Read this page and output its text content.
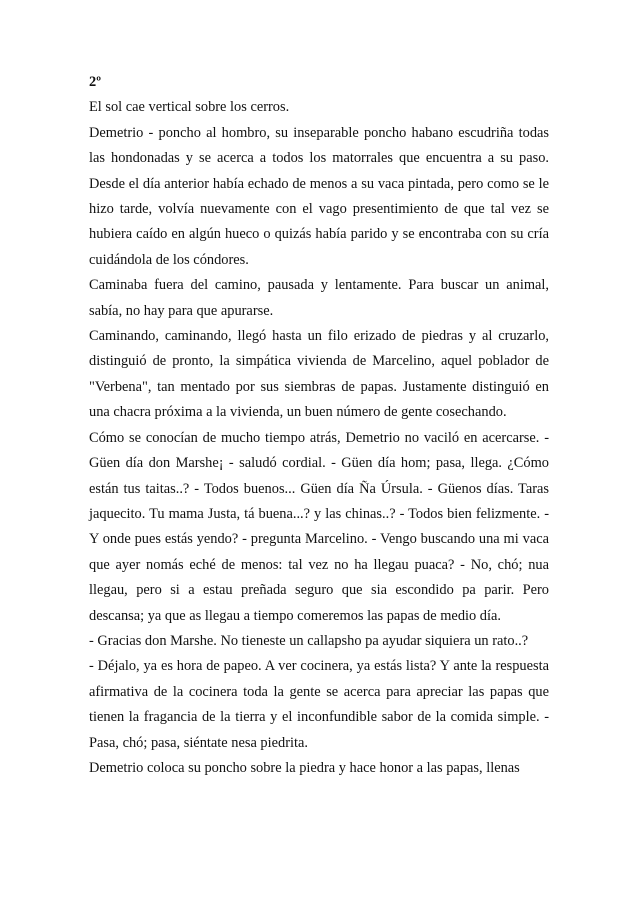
2º

El sol cae vertical sobre los cerros.

Demetrio - poncho al hombro, su inseparable poncho habano escudriña todas las hondonadas y se acerca a todos los matorrales que encuentra a su paso. Desde el día anterior había echado de menos a su vaca pintada, pero como se le hizo tarde, volvía nuevamente con el vago presentimiento de que tal vez se hubiera caído en algún hueco o quizás había parido y se encontraba con su cría cuidándola de los cóndores.

Caminaba fuera del camino, pausada y lentamente. Para buscar un animal, sabía, no hay para que apurarse.

Caminando, caminando, llegó hasta un filo erizado de piedras y al cruzarlo, distinguió de pronto, la simpática vivienda de Marcelino, aquel poblador de "Verbena", tan mentado por sus siembras de papas. Justamente distinguió en una chacra próxima a la vivienda, un buen número de gente cosechando.

Cómo se conocían de mucho tiempo atrás, Demetrio no vaciló en acercarse. - Güen día don Marshe¡ - saludó cordial. - Güen día hom; pasa, llega. ¿Cómo están tus taitas..? - Todos buenos... Güen día Ña Úrsula. - Güenos días. Taras jaquecito. Tu mama Justa, tá buena...? y las chinas..? - Todos bien felizmente. - Y onde pues estás yendo? - pregunta Marcelino. - Vengo buscando una mi vaca que ayer nomás eché de menos: tal vez no ha llegau puaca? - No, chó; nua llegau, pero si a estau preñada seguro que sia escondido pa parir. Pero descansa; ya que as llegau a tiempo comeremos las papas de medio día.

- Gracias don Marshe. No tieneste un callapsho pa ayudar siquiera un rato..?

- Déjalo, ya es hora de papeo. A ver cocinera, ya estás lista? Y ante la respuesta afirmativa de la cocinera toda la gente se acerca para apreciar las papas que tienen la fragancia de la tierra y el inconfundible sabor de la comida simple. - Pasa, chó; pasa, siéntate nesa piedrita.

Demetrio coloca su poncho sobre la piedra y hace honor a las papas, llenas
